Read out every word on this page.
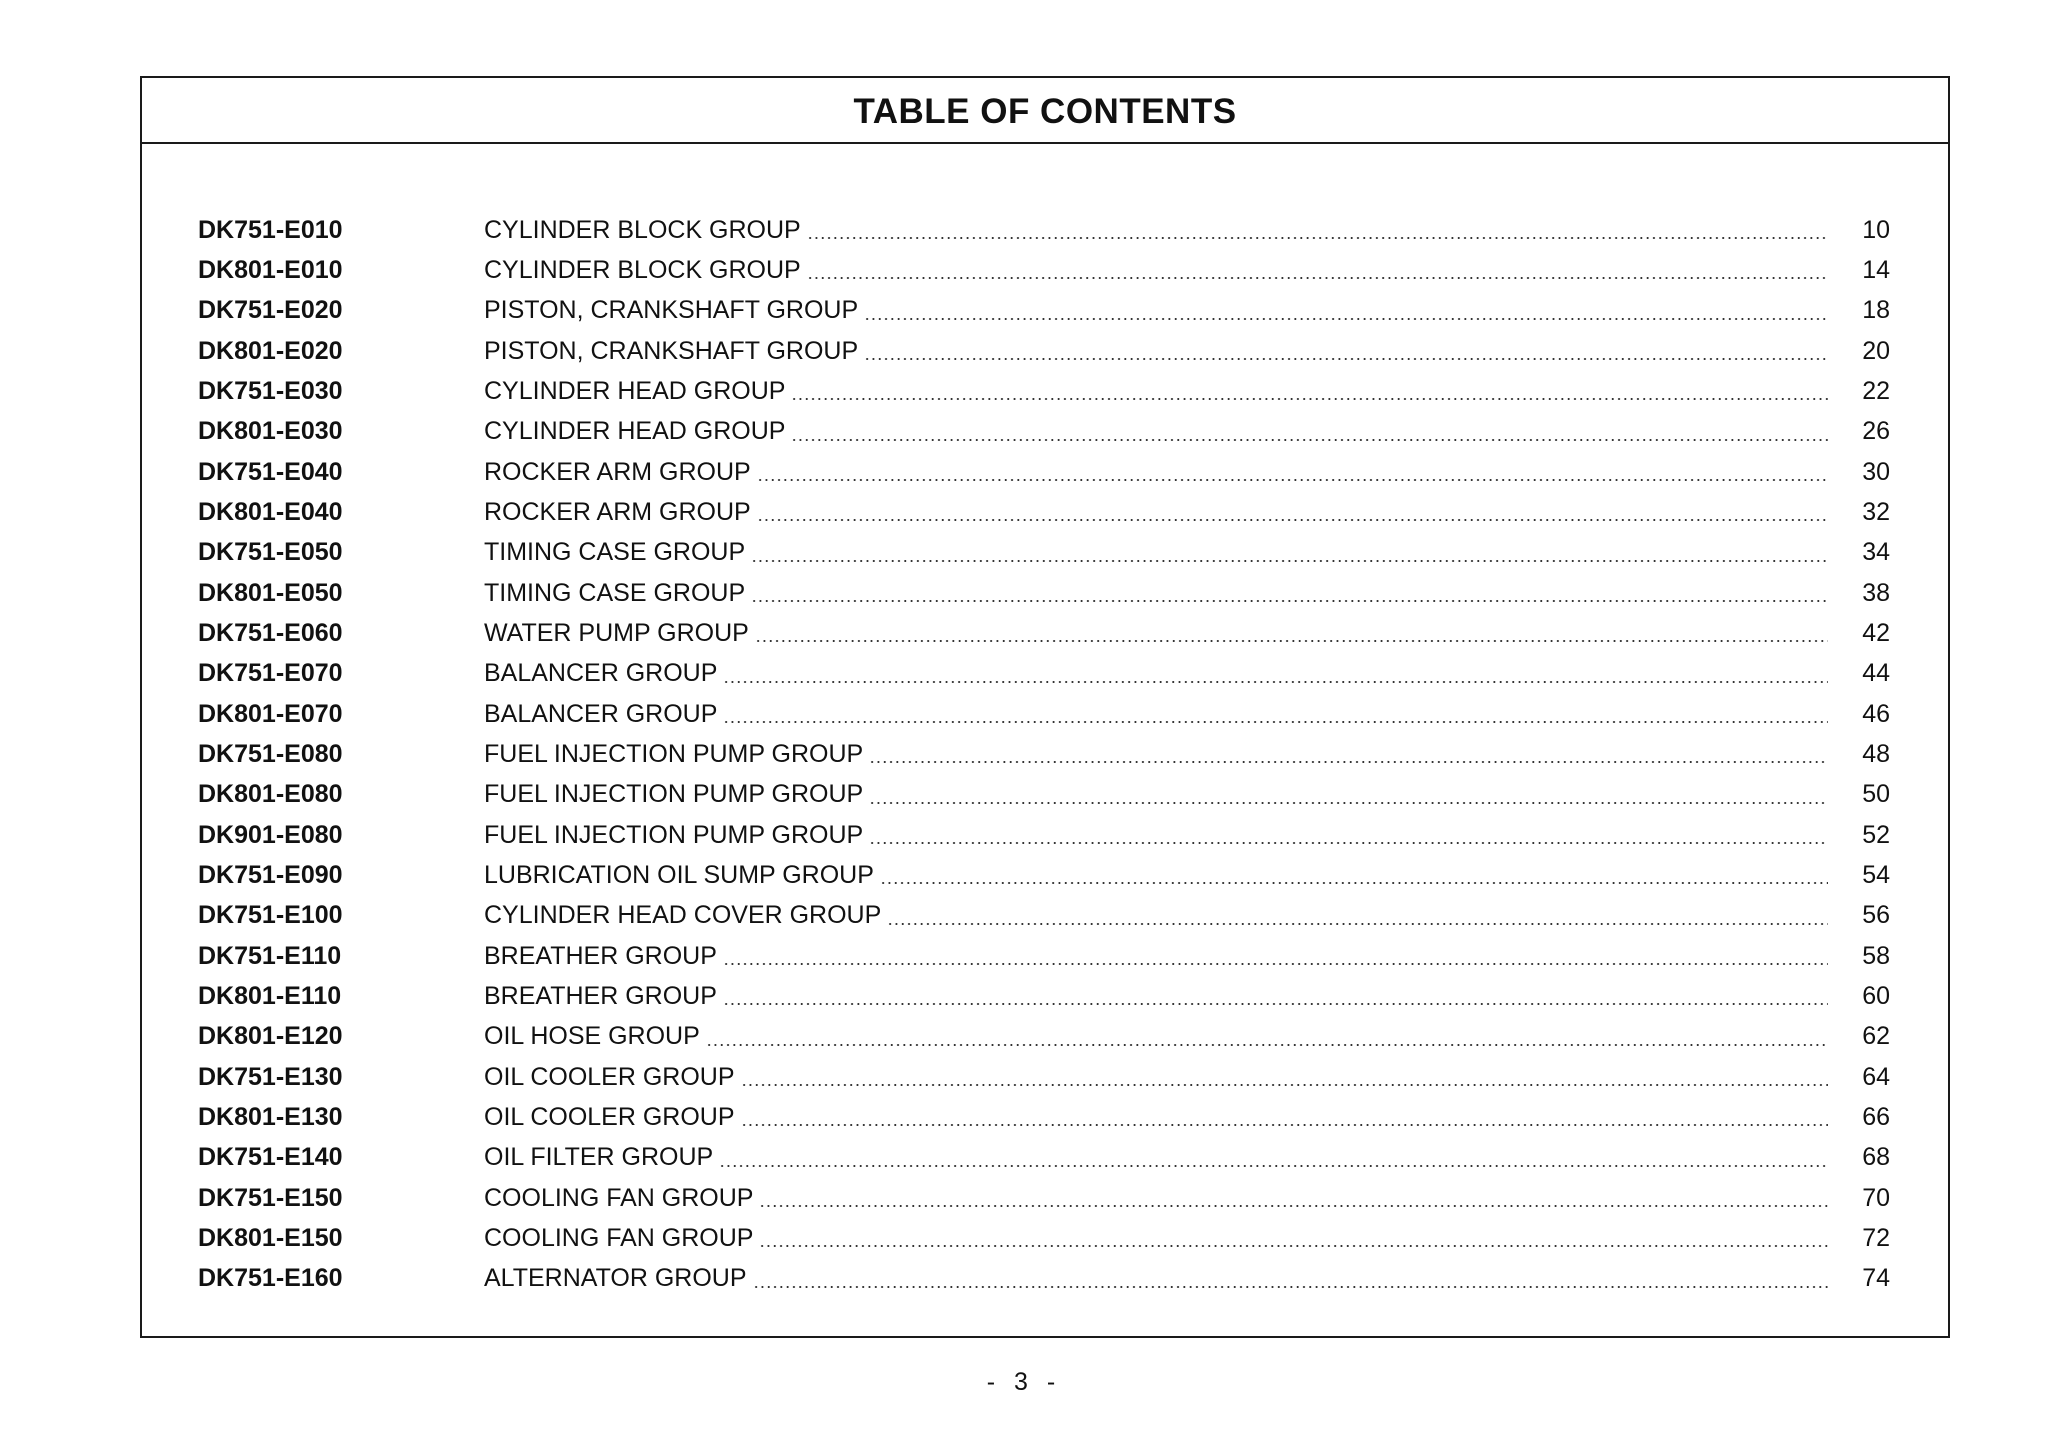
TABLE OF CONTENTS
DK751-E010	CYLINDER BLOCK GROUP	10
DK801-E010	CYLINDER BLOCK GROUP	14
DK751-E020	PISTON, CRANKSHAFT GROUP	18
DK801-E020	PISTON, CRANKSHAFT GROUP	20
DK751-E030	CYLINDER HEAD GROUP	22
DK801-E030	CYLINDER HEAD GROUP	26
DK751-E040	ROCKER ARM GROUP	30
DK801-E040	ROCKER ARM GROUP	32
DK751-E050	TIMING CASE GROUP	34
DK801-E050	TIMING CASE GROUP	38
DK751-E060	WATER PUMP GROUP	42
DK751-E070	BALANCER GROUP	44
DK801-E070	BALANCER GROUP	46
DK751-E080	FUEL INJECTION PUMP GROUP	48
DK801-E080	FUEL INJECTION PUMP GROUP	50
DK901-E080	FUEL INJECTION PUMP GROUP	52
DK751-E090	LUBRICATION OIL SUMP GROUP	54
DK751-E100	CYLINDER HEAD COVER GROUP	56
DK751-E110	BREATHER GROUP	58
DK801-E110	BREATHER GROUP	60
DK801-E120	OIL HOSE GROUP	62
DK751-E130	OIL COOLER GROUP	64
DK801-E130	OIL COOLER GROUP	66
DK751-E140	OIL FILTER GROUP	68
DK751-E150	COOLING FAN GROUP	70
DK801-E150	COOLING FAN GROUP	72
DK751-E160	ALTERNATOR GROUP	74
- 3 -
